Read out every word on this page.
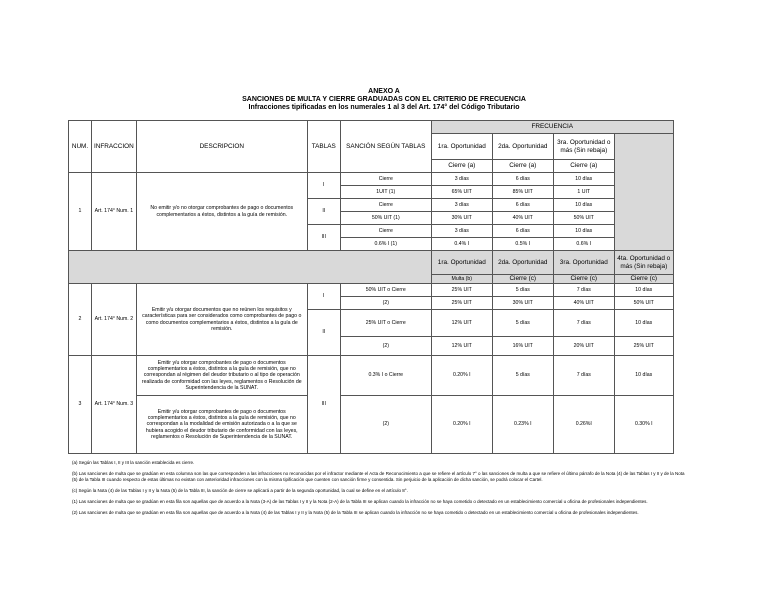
ANEXO A
SANCIONES DE MULTA Y CIERRE GRADUADAS CON EL CRITERIO DE FRECUENCIA
Infracciones tipificadas en los numerales 1 al 3 del Art. 174° del Código Tributario
NUM.	INFRACCION	DESCRIPCION	TABLAS	SANCIÓN SEGÚN TABLAS	FRECUENCIA			
					1ra. Oportunidad	2da. Oportunidad	3ra. Oportunidad o más (Sin rebaja)	
					Cierre (a)	Cierre (a)	Cierre (a)	
1	Art. 174° Num. 1	No emitir y/o no otorgar comprobantes de pago o documentos complementarios a éstos, distintos a la guía de remisión.	I	Cierre	3 días	6 días	10 días	
				1UIT (1)	65% UIT	85% UIT	1 UIT	
			II	Cierre	3 días	6 días	10 días	
				50% UIT (1)	30% UIT	40% UIT	50% UIT	
			III	Cierre	3 días	6 días	10 días	
				0.6% I (1)	0.4% I	0.5% I	0.6% I	
					1ra. Oportunidad	2da. Oportunidad	3ra. Oportunidad	4ta. Oportunidad o más (Sin rebaja)
					Multa (b)	Cierre (c)	Cierre (c)	Cierre (c)
2	Art. 174° Num. 2	Emitir y/u otorgar documentos que no reúnen los requisitos y características para ser considerados como comprobantes de pago o como documentos complementarios a éstos, distintos a la guía de remisión.	I	50% UIT o Cierre	25% UIT	5 días	7 días	10 días
				(2)	25% UIT	30% UIT	40% UIT	50% UIT
			II	25% UIT o Cierre	12% UIT	5 días	7 días	10 días
				(2)	12% UIT	16% UIT	20% UIT	25% UIT
3	Art. 174° Num. 3	Emitir y/u otorgar comprobantes de pago o documentos complementarios a éstos, distintos a la guía de remisión, que no correspondan al régimen del deudor tributario o al tipo de operación realizada de conformidad con las leyes, reglamentos o Resolución de Superintendencia de la SUNAT.	III	0.3% I o Cierre	0.20% I	5 días	7 días	10 días
		Emitir y/u otorgar comprobantes de pago o documentos complementarios a éstos, distintos a la guía de remisión, que no correspondan a la modalidad de emisión autorizada o a la que se hubiera acogido el deudor tributario de conformidad con las leyes, reglamentos o Resolución de Superintendencia de la SUNAT.		(2)	0.20% I	0.23% I	0.26%I	0.30% I

(a) Según las Tablas I, II y III la sanción establecida es cierre.

(b) Las sanciones de multa que se gradúan en esta columna son las que corresponden a las infracciones no reconocidas por el infractor mediante el Acta de Reconocimiento a que se refiere el artículo 7° o las sanciones de multa a que se refiere el último párrafo de la Nota (4) de las Tablas I y II y de la Nota (5) de la Tabla III cuando respecto de estas últimas no existan con anterioridad infracciones con la misma tipificación que cuenten con sanción firme y consentida. Sin perjuicio de la aplicación de dicha sanción, se podrá colocar el Cartel.

(c) Según la Nota (4) de las Tablas I y II y la Nota (5) de la Tabla III, la sanción de cierre se aplicará a partir de la segunda oportunidad, la cual se define en el artículo 8°.

(1) Las sanciones de multa que se gradúan en esta fila son aquellas que de acuerdo a la Nota (3-A) de las Tablas I y II y la Nota (2-A) de la Tabla III se aplican cuando la infracción no se haya cometido o detectado en un establecimiento comercial u oficina de profesionales independientes.

(2) Las sanciones de multa que se gradúan en esta fila son aquellas que de acuerdo a la Nota (4) de las Tablas I y II y la Nota (5) de la Tabla III se aplican cuando la infracción no se haya cometido o detectado en un establecimiento comercial u oficina de profesionales independientes.
